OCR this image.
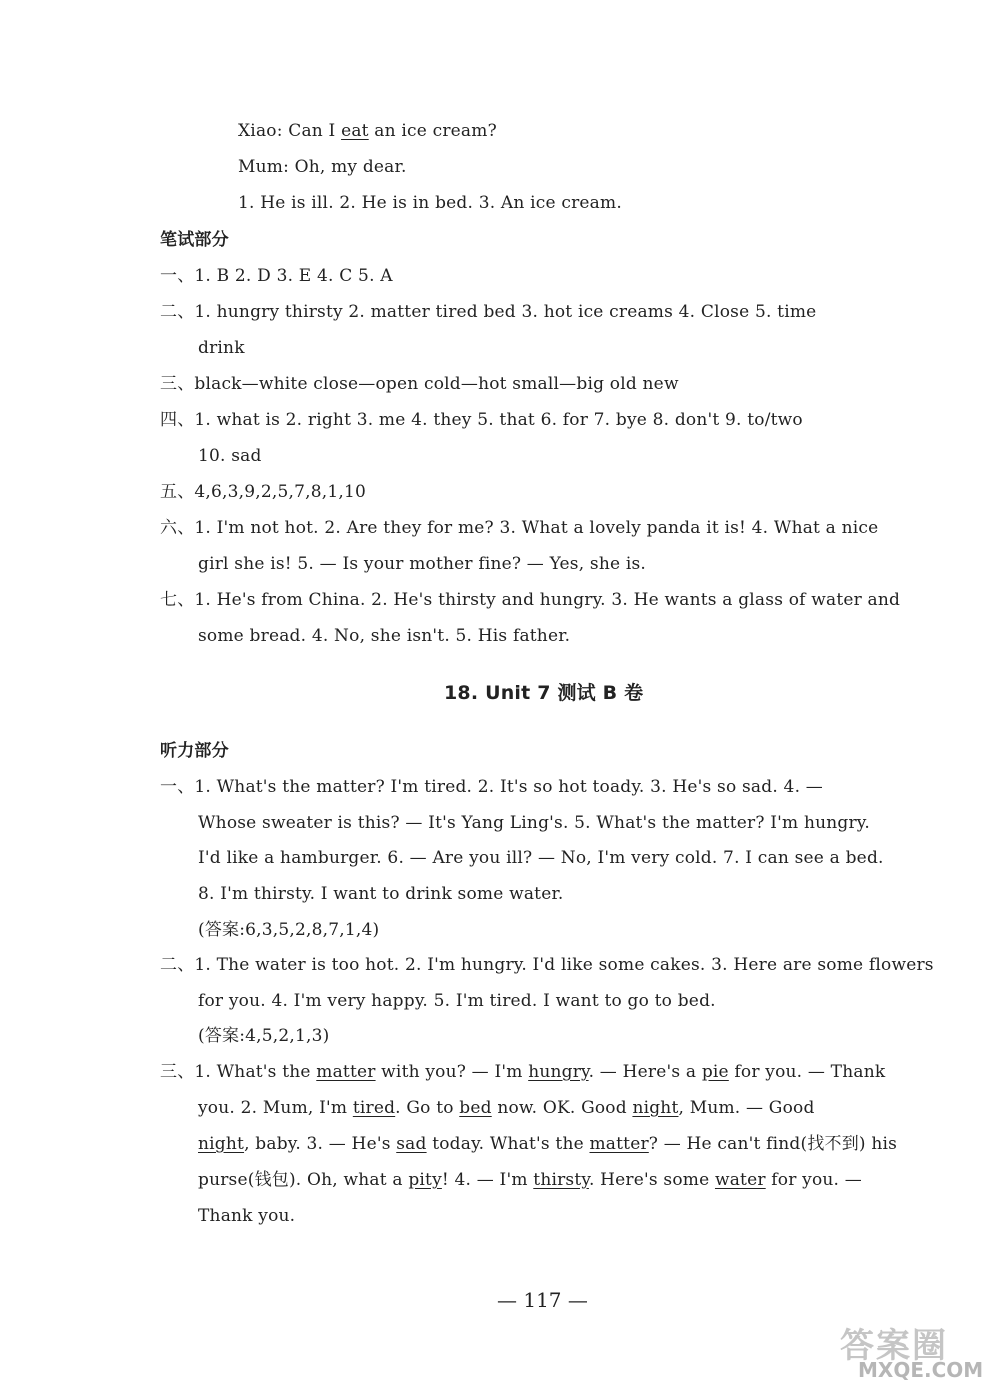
Xiao: Can I eat an ice cream?
Mum: Oh, my dear.
1. He is ill. 2. He is in bed. 3. An ice cream.
笔试部分
一、1. B 2. D 3. E 4. C 5. A
二、1. hungry thirsty 2. matter tired bed 3. hot ice creams 4. Close 5. time
drink
三、black—white close—open cold—hot small—big old new
四、1. what is 2. right 3. me 4. they 5. that 6. for 7. bye 8. don't 9. to/two
10. sad
五、4,6,3,9,2,5,7,8,1,10
六、1. I'm not hot. 2. Are they for me? 3. What a lovely panda it is! 4. What a nice
girl she is! 5. — Is your mother fine? — Yes, she is.
七、1. He's from China. 2. He's thirsty and hungry. 3. He wants a glass of water and
some bread. 4. No, she isn't. 5. His father.
18. Unit 7 测试 B 卷
听力部分
一、1. What's the matter? I'm tired. 2. It's so hot toady. 3. He's so sad. 4. —
Whose sweater is this? — It's Yang Ling's. 5. What's the matter? I'm hungry.
I'd like a hamburger. 6. — Are you ill? — No, I'm very cold. 7. I can see a bed.
8. I'm thirsty. I want to drink some water.
(答案:6,3,5,2,8,7,1,4)
二、1. The water is too hot. 2. I'm hungry. I'd like some cakes. 3. Here are some flowers
for you. 4. I'm very happy. 5. I'm tired. I want to go to bed.
(答案:4,5,2,1,3)
三、1. What's the matter with you? — I'm hungry. — Here's a pie for you. — Thank
you. 2. Mum, I'm tired. Go to bed now. OK. Good night, Mum. — Good
night, baby. 3. — He's sad today. What's the matter? — He can't find(找不到) his
purse(钱包). Oh, what a pity! 4. — I'm thirsty. Here's some water for you. —
Thank you.
— 117 —
答案圈
MXQE.COM
